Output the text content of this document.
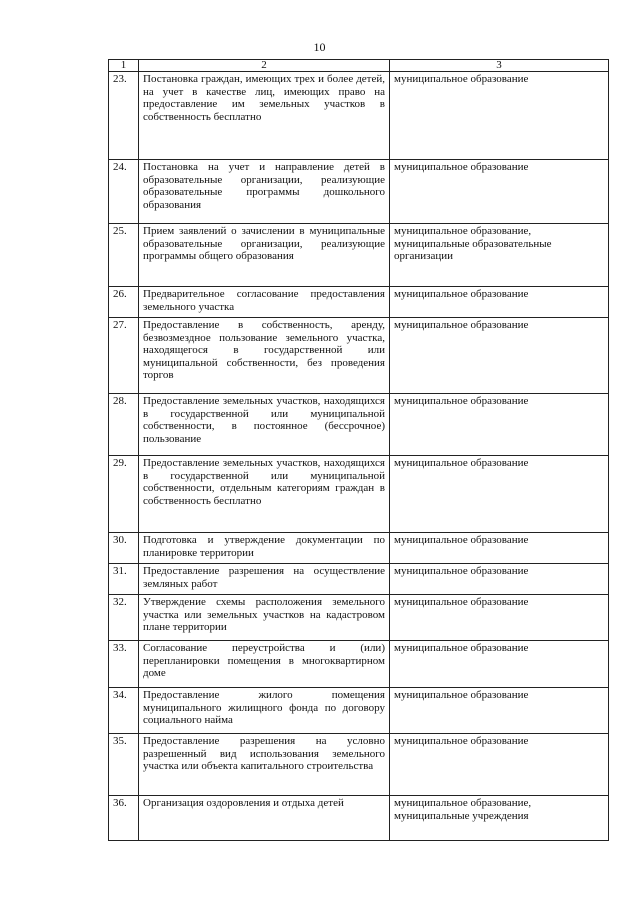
10
1	2	3
23.	Постановка граждан, имеющих трех и более детей, на учет в качестве лиц, имеющих право на предоставление им земельных участков в собственность бесплатно	муниципальное образование
24.	Постановка на учет и направление детей в образовательные организации, реализующие образовательные программы дошкольного образования	муниципальное образование
25.	Прием заявлений о зачислении в муниципальные образовательные организации, реализующие программы общего образования	муниципальное образование, муниципальные образовательные организации
26.	Предварительное согласование предоставления земельного участка	муниципальное образование
27.	Предоставление в собственность, аренду, безвозмездное пользование земельного участка, находящегося в государственной или муниципальной собственности, без проведения торгов	муниципальное образование
28.	Предоставление земельных участков, находящихся в государственной или муниципальной собственности, в постоянное (бессрочное) пользование	муниципальное образование
29.	Предоставление земельных участков, находящихся в государственной или муниципальной собственности, отдельным категориям граждан в собственность бесплатно	муниципальное образование
30.	Подготовка и утверждение документации по планировке территории	муниципальное образование
31.	Предоставление разрешения на осуществление земляных работ	муниципальное образование
32.	Утверждение схемы расположения земельного участка или земельных участков на кадастровом плане территории	муниципальное образование
33.	Согласование переустройства и (или) перепланировки помещения в многоквартирном доме	муниципальное образование
34.	Предоставление жилого помещения муниципального жилищного фонда по договору социального найма	муниципальное образование
35.	Предоставление разрешения на условно разрешенный вид использования земельного участка или объекта капитального строительства	муниципальное образование
36.	Организация оздоровления и отдыха детей	муниципальное образование, муниципальные учреждения
